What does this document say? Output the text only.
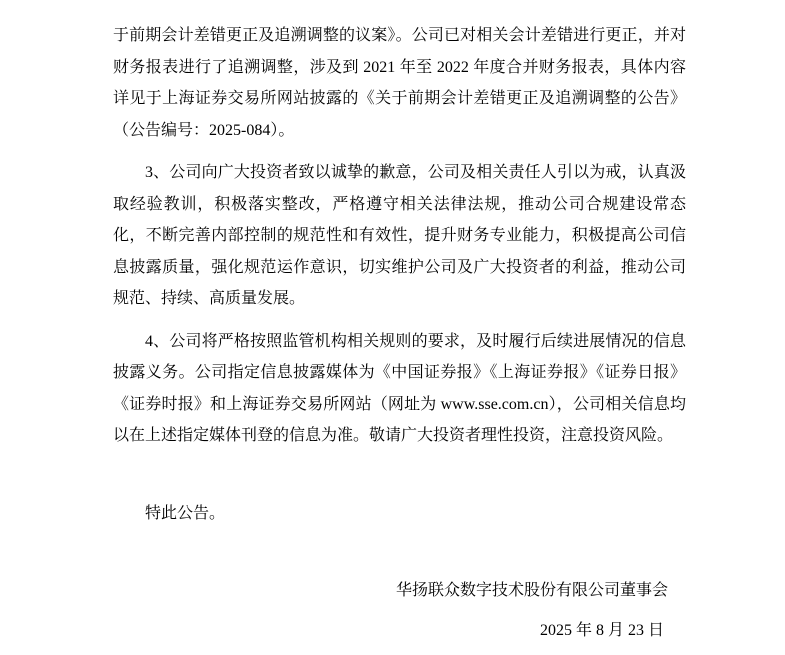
于前期会计差错更正及追溯调整的议案》。公司已对相关会计差错进行更正，并对财务报表进行了追溯调整，涉及到 2021 年至 2022 年度合并财务报表，具体内容详见于上海证券交易所网站披露的《关于前期会计差错更正及追溯调整的公告》（公告编号：2025-084）。

3、公司向广大投资者致以诚挚的歉意，公司及相关责任人引以为戒，认真汲取经验教训，积极落实整改，严格遵守相关法律法规，推动公司合规建设常态化，不断完善内部控制的规范性和有效性，提升财务专业能力，积极提高公司信息披露质量，强化规范运作意识，切实维护公司及广大投资者的利益，推动公司规范、持续、高质量发展。

4、公司将严格按照监管机构相关规则的要求，及时履行后续进展情况的信息披露义务。公司指定信息披露媒体为《中国证券报》《上海证券报》《证券日报》《证券时报》和上海证券交易所网站（网址为 www.sse.com.cn），公司相关信息均以在上述指定媒体刊登的信息为准。敬请广大投资者理性投资，注意投资风险。

特此公告。

华扬联众数字技术股份有限公司董事会

2025 年 8 月 23 日
